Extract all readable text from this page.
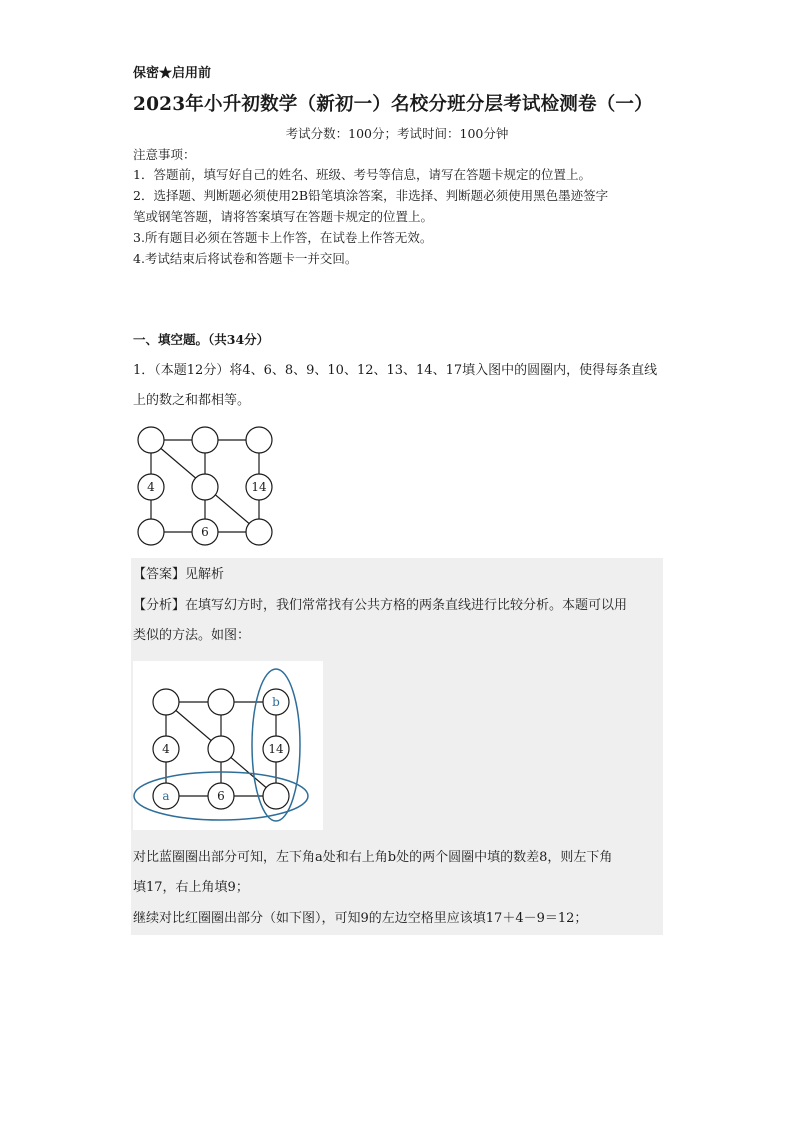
保密★启用前
2023年小升初数学（新初一）名校分班分层考试检测卷（一）
考试分数：100分；考试时间：100分钟
注意事项：
1．答题前，填写好自己的姓名、班级、考号等信息，请写在答题卡规定的位置上。
2．选择题、判断题必须使用2B铅笔填涂答案，非选择、判断题必须使用黑色墨迹签字
笔或钢笔答题，请将答案填写在答题卡规定的位置上。
3.所有题目必须在答题卡上作答，在试卷上作答无效。
4.考试结束后将试卷和答题卡一并交回。
一、填空题。（共34分）
1．（本题12分）将4、6、8、9、10、12、13、14、17填入图中的圆圈内，使得每条直线上的数之和都相等。
4	14
6
【答案】见解析
【分析】在填写幻方时，我们常常找有公共方格的两条直线进行比较分析。本题可以用
类似的方法。如图：
4	14
6
a
b
对比蓝圈圈出部分可知，左下角a处和右上角b处的两个圆圈中填的数差8，则左下角
填17，右上角填9；
继续对比红圈圈出部分（如下图），可知9的左边空格里应该填17＋4－9＝12；
